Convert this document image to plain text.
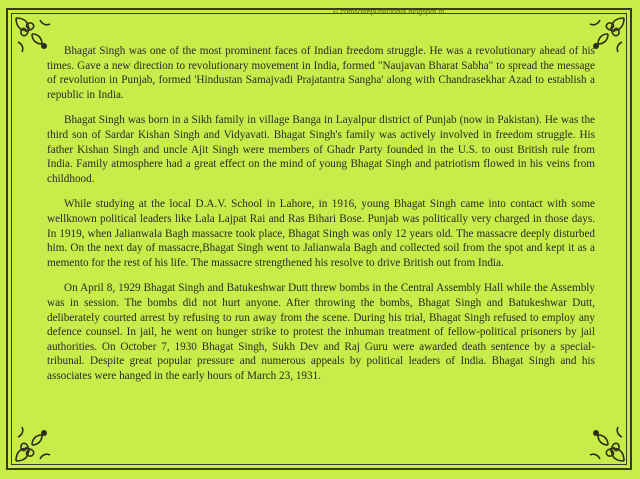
© comsofrepublicindia.blogspot.in

Bhagat Singh was one of the most prominent faces of Indian freedom struggle. He was a revolutionary ahead of his times. Gave a new direction to revolutionary movement in India, formed "Naujavan Bharat Sabha" to spread the message of revolution in Punjab, formed 'Hindustan Samajvadi Prajatantra Sangha' along with Chandrasekhar Azad to establish a republic in India.

Bhagat Singh was born in a Sikh family in village Banga in Layalpur district of Punjab (now in Pakistan). He was the third son of Sardar Kishan Singh and Vidyavati. Bhagat Singh's family was actively involved in freedom struggle. His father Kishan Singh and uncle Ajit Singh were members of Ghadr Party founded in the U.S. to oust British rule from India. Family atmosphere had a great effect on the mind of young Bhagat Singh and patriotism flowed in his veins from childhood.

While studying at the local D.A.V. School in Lahore, in 1916, young Bhagat Singh came into contact with some wellknown political leaders like Lala Lajpat Rai and Ras Bihari Bose. Punjab was politically very charged in those days. In 1919, when Jalianwala Bagh massacre took place, Bhagat Singh was only 12 years old. The massacre deeply disturbed him. On the next day of massacre,Bhagat Singh went to Jalianwala Bagh and collected soil from the spot and kept it as a memento for the rest of his life. The massacre strengthened his resolve to drive British out from India.

On April 8, 1929 Bhagat Singh and Batukeshwar Dutt threw bombs in the Central Assembly Hall while the Assembly was in session. The bombs did not hurt anyone. After throwing the bombs, Bhagat Singh and Batukeshwar Dutt, deliberately courted arrest by refusing to run away from the scene. During his trial, Bhagat Singh refused to employ any defence counsel. In jail, he went on hunger strike to protest the inhuman treatment of fellow-political prisoners by jail authorities. On October 7, 1930 Bhagat Singh, Sukh Dev and Raj Guru were awarded death sentence by a special-tribunal. Despite great popular pressure and numerous appeals by political leaders of India. Bhagat Singh and his associates were hanged in the early hours of March 23, 1931.
